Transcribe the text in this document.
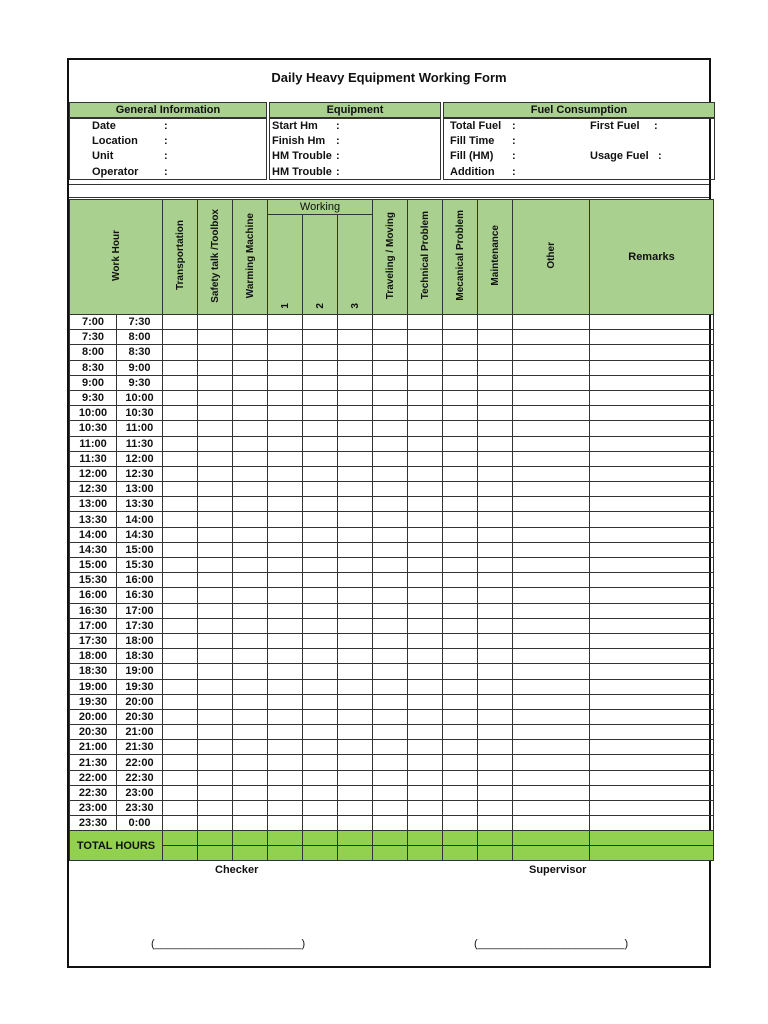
Daily Heavy Equipment Working Form
General Information	Equipment	Fuel Consumption
Date	:
Location :
Unit	:
Operator :
Start Hm :
Finish Hm :
HM Trouble :
HM Trouble :
Total Fuel :
Fill Time :
Fill (HM) :
Addition :
First Fuel :
Usage Fuel :
Work Hour		Transportation	Safety talk /Toolbox	Warming Machine	Working			Traveling / Moving	Technical Problem	Mecanical Problem	Maintenance	Other	Remarks
					1	2	3						
7:00	7:30												
7:30	8:00												
8:00	8:30												
8:30	9:00												
9:00	9:30												
9:30	10:00												
10:00	10:30												
10:30	11:00												
11:00	11:30												
11:30	12:00												
12:00	12:30												
12:30	13:00												
13:00	13:30												
13:30	14:00												
14:00	14:30												
14:30	15:00												
15:00	15:30												
15:30	16:00												
16:00	16:30												
16:30	17:00												
17:00	17:30												
17:30	18:00												
18:00	18:30												
18:30	19:00												
19:00	19:30												
19:30	20:00												
20:00	20:30												
20:30	21:00												
21:00	21:30												
21:30	22:00												
22:00	22:30												
22:30	23:00												
23:00	23:30												
23:30	0:00												
TOTAL HOURS													

Checker	Supervisor
(________________________)	(________________________)
